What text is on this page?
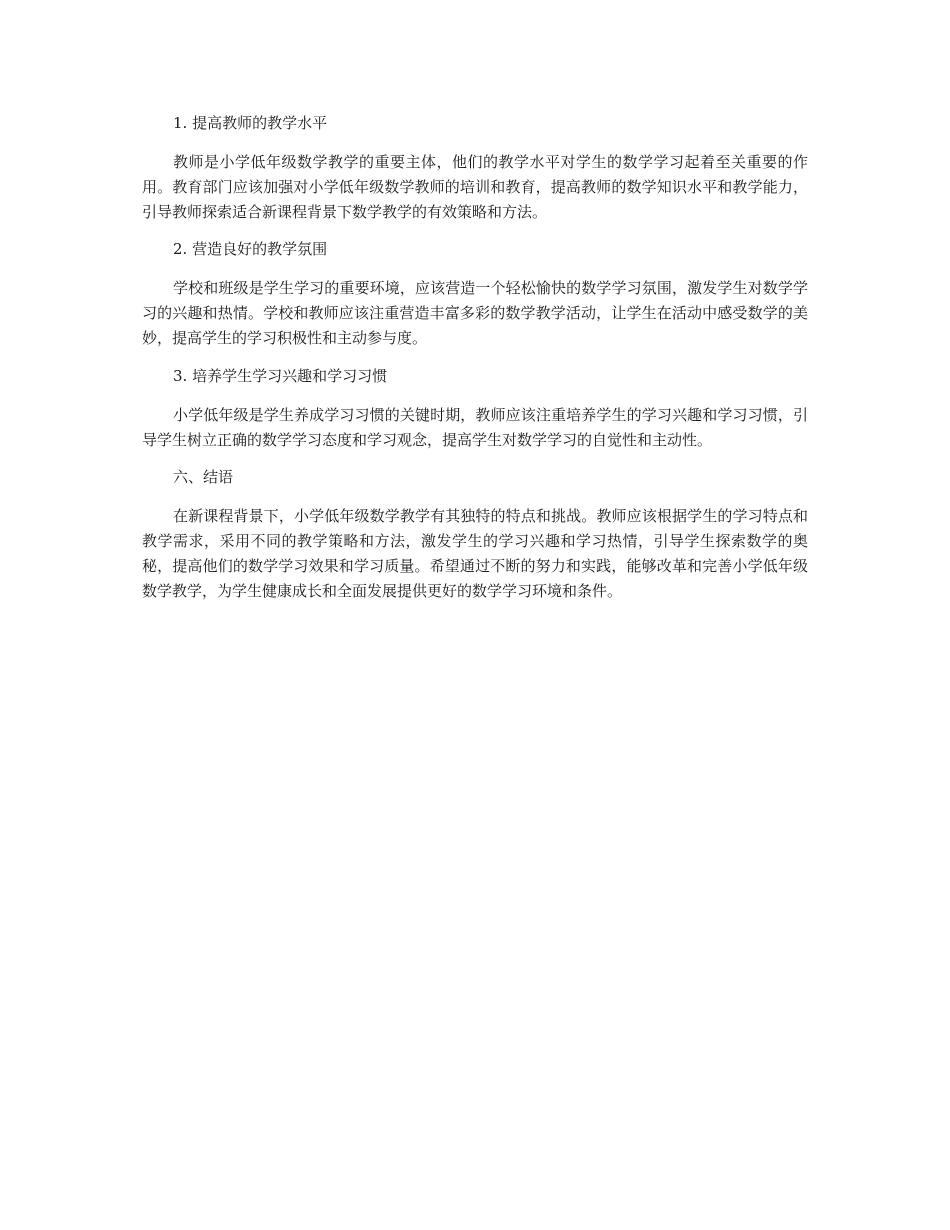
1. 提高教师的教学水平

教师是小学低年级数学教学的重要主体，他们的教学水平对学生的数学学习起着至关重要的作用。教育部门应该加强对小学低年级数学教师的培训和教育，提高教师的数学知识水平和教学能力，引导教师探索适合新课程背景下数学教学的有效策略和方法。

2. 营造良好的教学氛围

学校和班级是学生学习的重要环境，应该营造一个轻松愉快的数学学习氛围，激发学生对数学学习的兴趣和热情。学校和教师应该注重营造丰富多彩的数学教学活动，让学生在活动中感受数学的美妙，提高学生的学习积极性和主动参与度。

3. 培养学生学习兴趣和学习习惯

小学低年级是学生养成学习习惯的关键时期，教师应该注重培养学生的学习兴趣和学习习惯，引导学生树立正确的数学学习态度和学习观念，提高学生对数学学习的自觉性和主动性。

六、结语

在新课程背景下，小学低年级数学教学有其独特的特点和挑战。教师应该根据学生的学习特点和教学需求，采用不同的教学策略和方法，激发学生的学习兴趣和学习热情，引导学生探索数学的奥秘，提高他们的数学学习效果和学习质量。希望通过不断的努力和实践，能够改革和完善小学低年级数学教学，为学生健康成长和全面发展提供更好的数学学习环境和条件。
